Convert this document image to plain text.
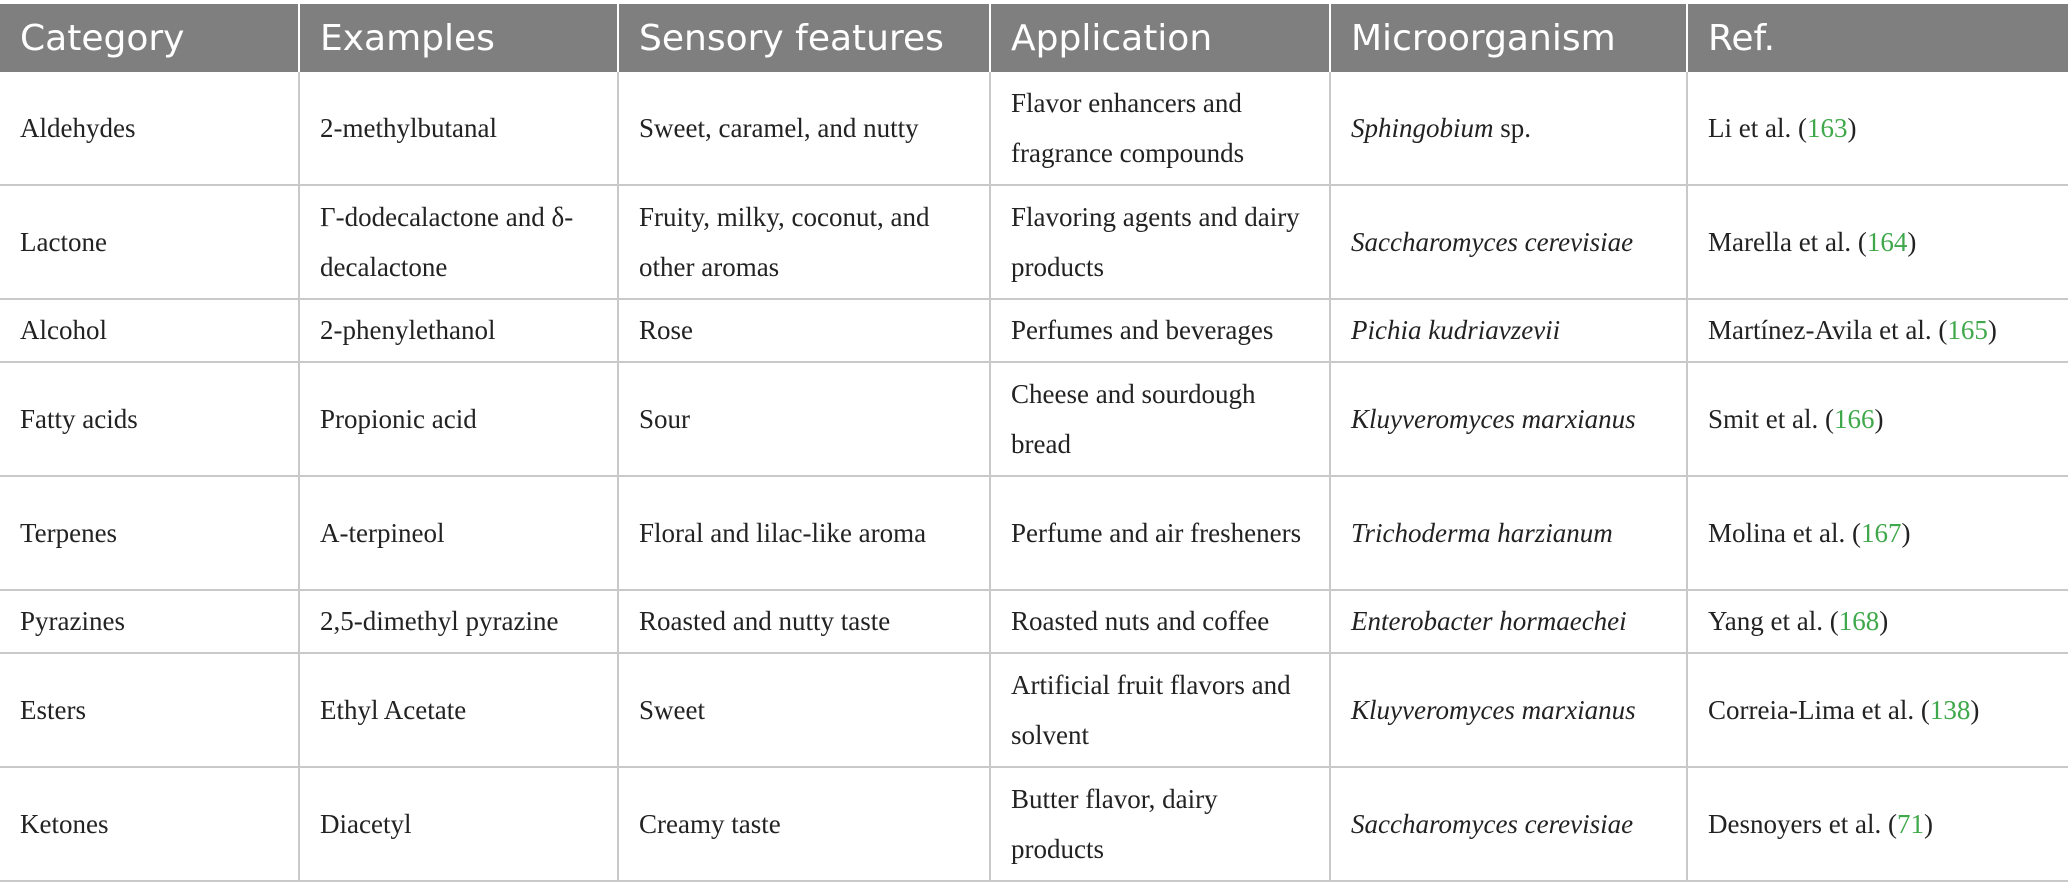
Category	Examples	Sensory features	Application	Microorganism	Ref.
Aldehydes	2-methylbutanal	Sweet, caramel, and nutty	Flavor enhancers and fragrance compounds	Sphingobium sp.	Li et al. (163)
Lactone	Γ-dodecalactone and δ-decalactone	Fruity, milky, coconut, and other aromas	Flavoring agents and dairy products	Saccharomyces cerevisiae	Marella et al. (164)
Alcohol	2-phenylethanol	Rose	Perfumes and beverages	Pichia kudriavzevii	Martínez-Avila et al. (165)
Fatty acids	Propionic acid	Sour	Cheese and sourdough bread	Kluyveromyces marxianus	Smit et al. (166)
Terpenes	A-terpineol	Floral and lilac-like aroma	Perfume and air fresheners	Trichoderma harzianum	Molina et al. (167)
Pyrazines	2,5-dimethyl pyrazine	Roasted and nutty taste	Roasted nuts and coffee	Enterobacter hormaechei	Yang et al. (168)
Esters	Ethyl Acetate	Sweet	Artificial fruit flavors and solvent	Kluyveromyces marxianus	Correia-Lima et al. (138)
Ketones	Diacetyl	Creamy taste	Butter flavor, dairy products	Saccharomyces cerevisiae	Desnoyers et al. (71)
